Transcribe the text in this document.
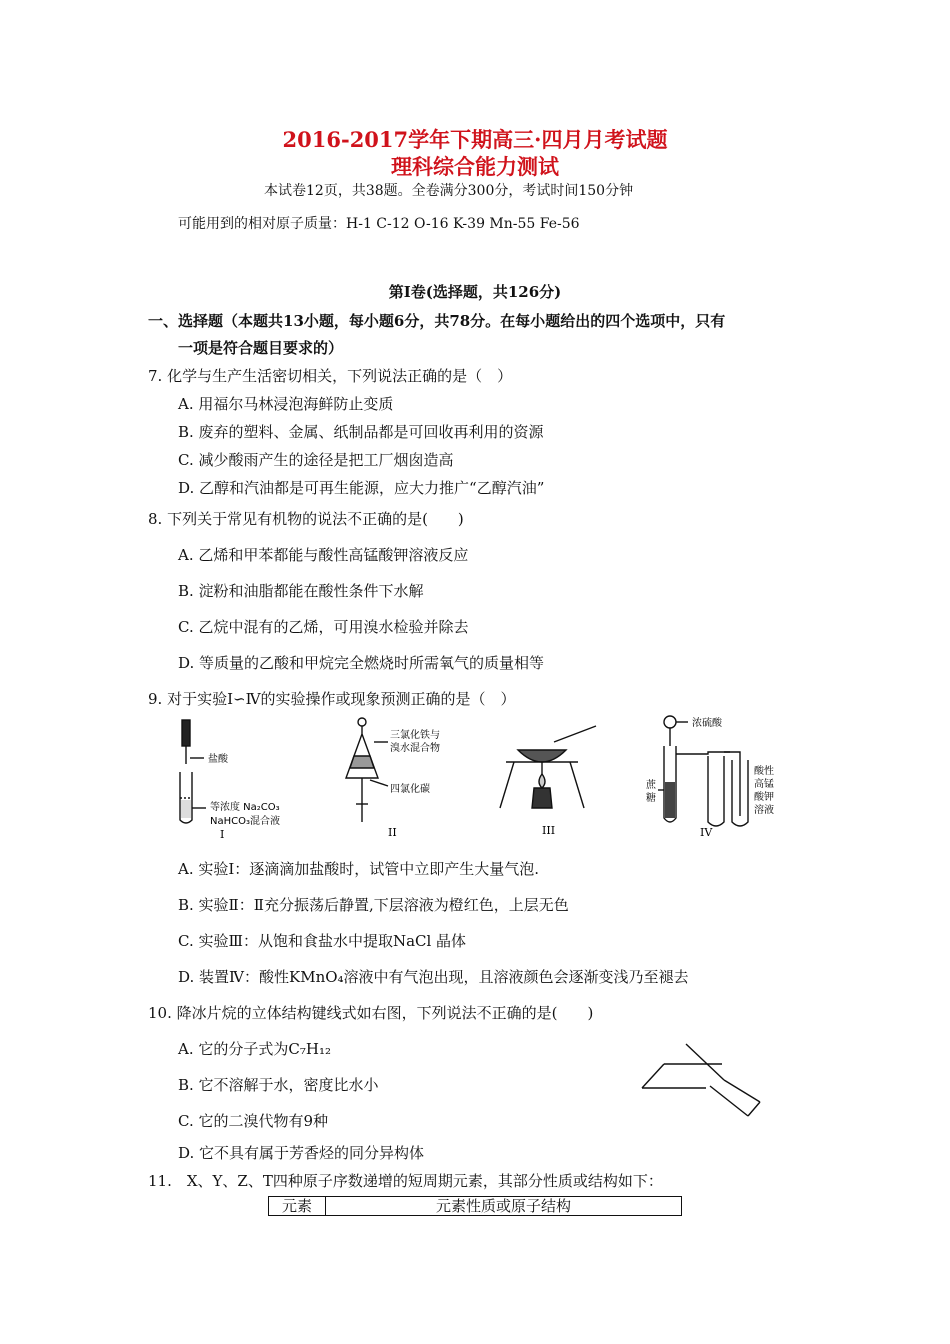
2016-2017学年下期高三·四月月考试题
理科综合能力测试
本试卷12页，共38题。全卷满分300分，考试时间150分钟
可能用到的相对原子质量：H-1 C-12 O-16 K-39 Mn-55 Fe-56
第Ⅰ卷(选择题，共126分)
一、选择题（本题共13小题，每小题6分，共78分。在每小题给出的四个选项中，只有
一项是符合题目要求的）
7. 化学与生产生活密切相关，下列说法正确的是（　）
A. 用福尔马林浸泡海鲜防止变质
B. 废弃的塑料、金属、纸制品都是可回收再利用的资源
C. 减少酸雨产生的途径是把工厂烟囱造高
D. 乙醇和汽油都是可再生能源，应大力推广“乙醇汽油”
8. 下列关于常见有机物的说法不正确的是(　　)
A. 乙烯和甲苯都能与酸性高锰酸钾溶液反应
B. 淀粉和油脂都能在酸性条件下水解
C. 乙烷中混有的乙烯，可用溴水检验并除去
D. 等质量的乙酸和甲烷完全燃烧时所需氧气的质量相等
9. 对于实验Ⅰ∽Ⅳ的实验操作或现象预测正确的是（　）
盐酸
等浓度 Na₂CO₃
NaHCO₃混合液
三氯化铁与
溴水混合物
四氯化碳
浓硫酸
蔗
糖
酸性
高锰
酸钾
溶液
I	II	III	IV
A. 实验Ⅰ：逐滴滴加盐酸时，试管中立即产生大量气泡.
B. 实验Ⅱ：Ⅱ充分振荡后静置,下层溶液为橙红色，上层无色
C. 实验Ⅲ：从饱和食盐水中提取NaCl 晶体
D. 装置Ⅳ：酸性KMnO₄溶液中有气泡出现，且溶液颜色会逐渐变浅乃至褪去
10. 降冰片烷的立体结构键线式如右图，下列说法不正确的是(　　)
A. 它的分子式为C₇H₁₂
B. 它不溶解于水，密度比水小
C. 它的二溴代物有9种
D. 它不具有属于芳香烃的同分异构体
11.　X、Y、Z、T四种原子序数递增的短周期元素，其部分性质或结构如下：
元素	元素性质或原子结构
